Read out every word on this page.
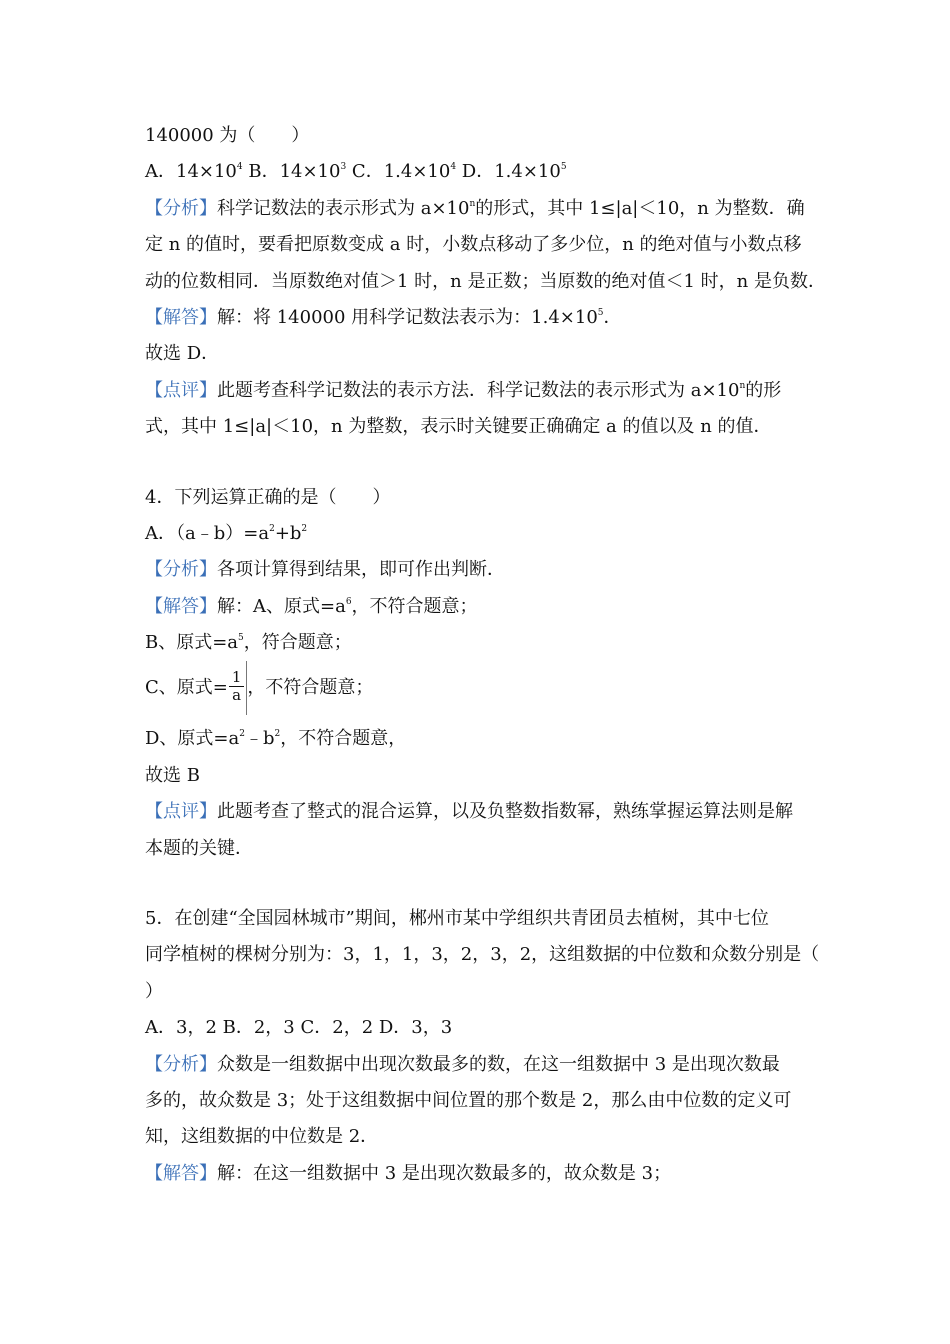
140000 为（　　）
A．$14\times 10^4$ B．$14\times 10^3$ C．$1.4\times 10^4$ D．$1.4\times 10^5$
【分析】科学记数法的表示形式为 $a\times 10^n$的形式，其中 1≤|a|＜10，n 为整数．确
定 n 的值时，要看把原数变成 a 时，小数点移动了多少位，n 的绝对值与小数点移
动的位数相同．当原数绝对值＞1 时，n 是正数；当原数的绝对值＜1 时，n 是负数．
【解答】解：将 140000 用科学记数法表示为：$1.4\times 10^5$．
故选 D．
【点评】此题考查科学记数法的表示方法．科学记数法的表示形式为 $a\times 10^n$的形
式，其中 1≤|a|＜10，n 为整数，表示时关键要正确确定 a 的值以及 n 的值．
4．下列运算正确的是（　　）
A．$(a﹣b)=a^2+b^2$
【分析】各项计算得到结果，即可作出判断．
【解答】解：A、原式$=a^6$，不符合题意；
B、原式$=a^5$，符合题意；
C、原式= $\frac{1}{a}$ ，不符合题意；
D、原式$=a^2﹣b^2$，不符合题意，
故选 B
【点评】此题考查了整式的混合运算，以及负整数指数幂，熟练掌握运算法则是解
本题的关键．
5．在创建“全国园林城市”期间，郴州市某中学组织共青团员去植树，其中七位
同学植树的棵树分别为：3，1，1，3，2，3，2，这组数据的中位数和众数分别是（
）
A．3，2 B．2，3 C．2，2 D．3，3
【分析】众数是一组数据中出现次数最多的数，在这一组数据中 3 是出现次数最
多的，故众数是 3；处于这组数据中间位置的那个数是 2，那么由中位数的定义可
知，这组数据的中位数是 2．
【解答】解：在这一组数据中 3 是出现次数最多的，故众数是 3；
